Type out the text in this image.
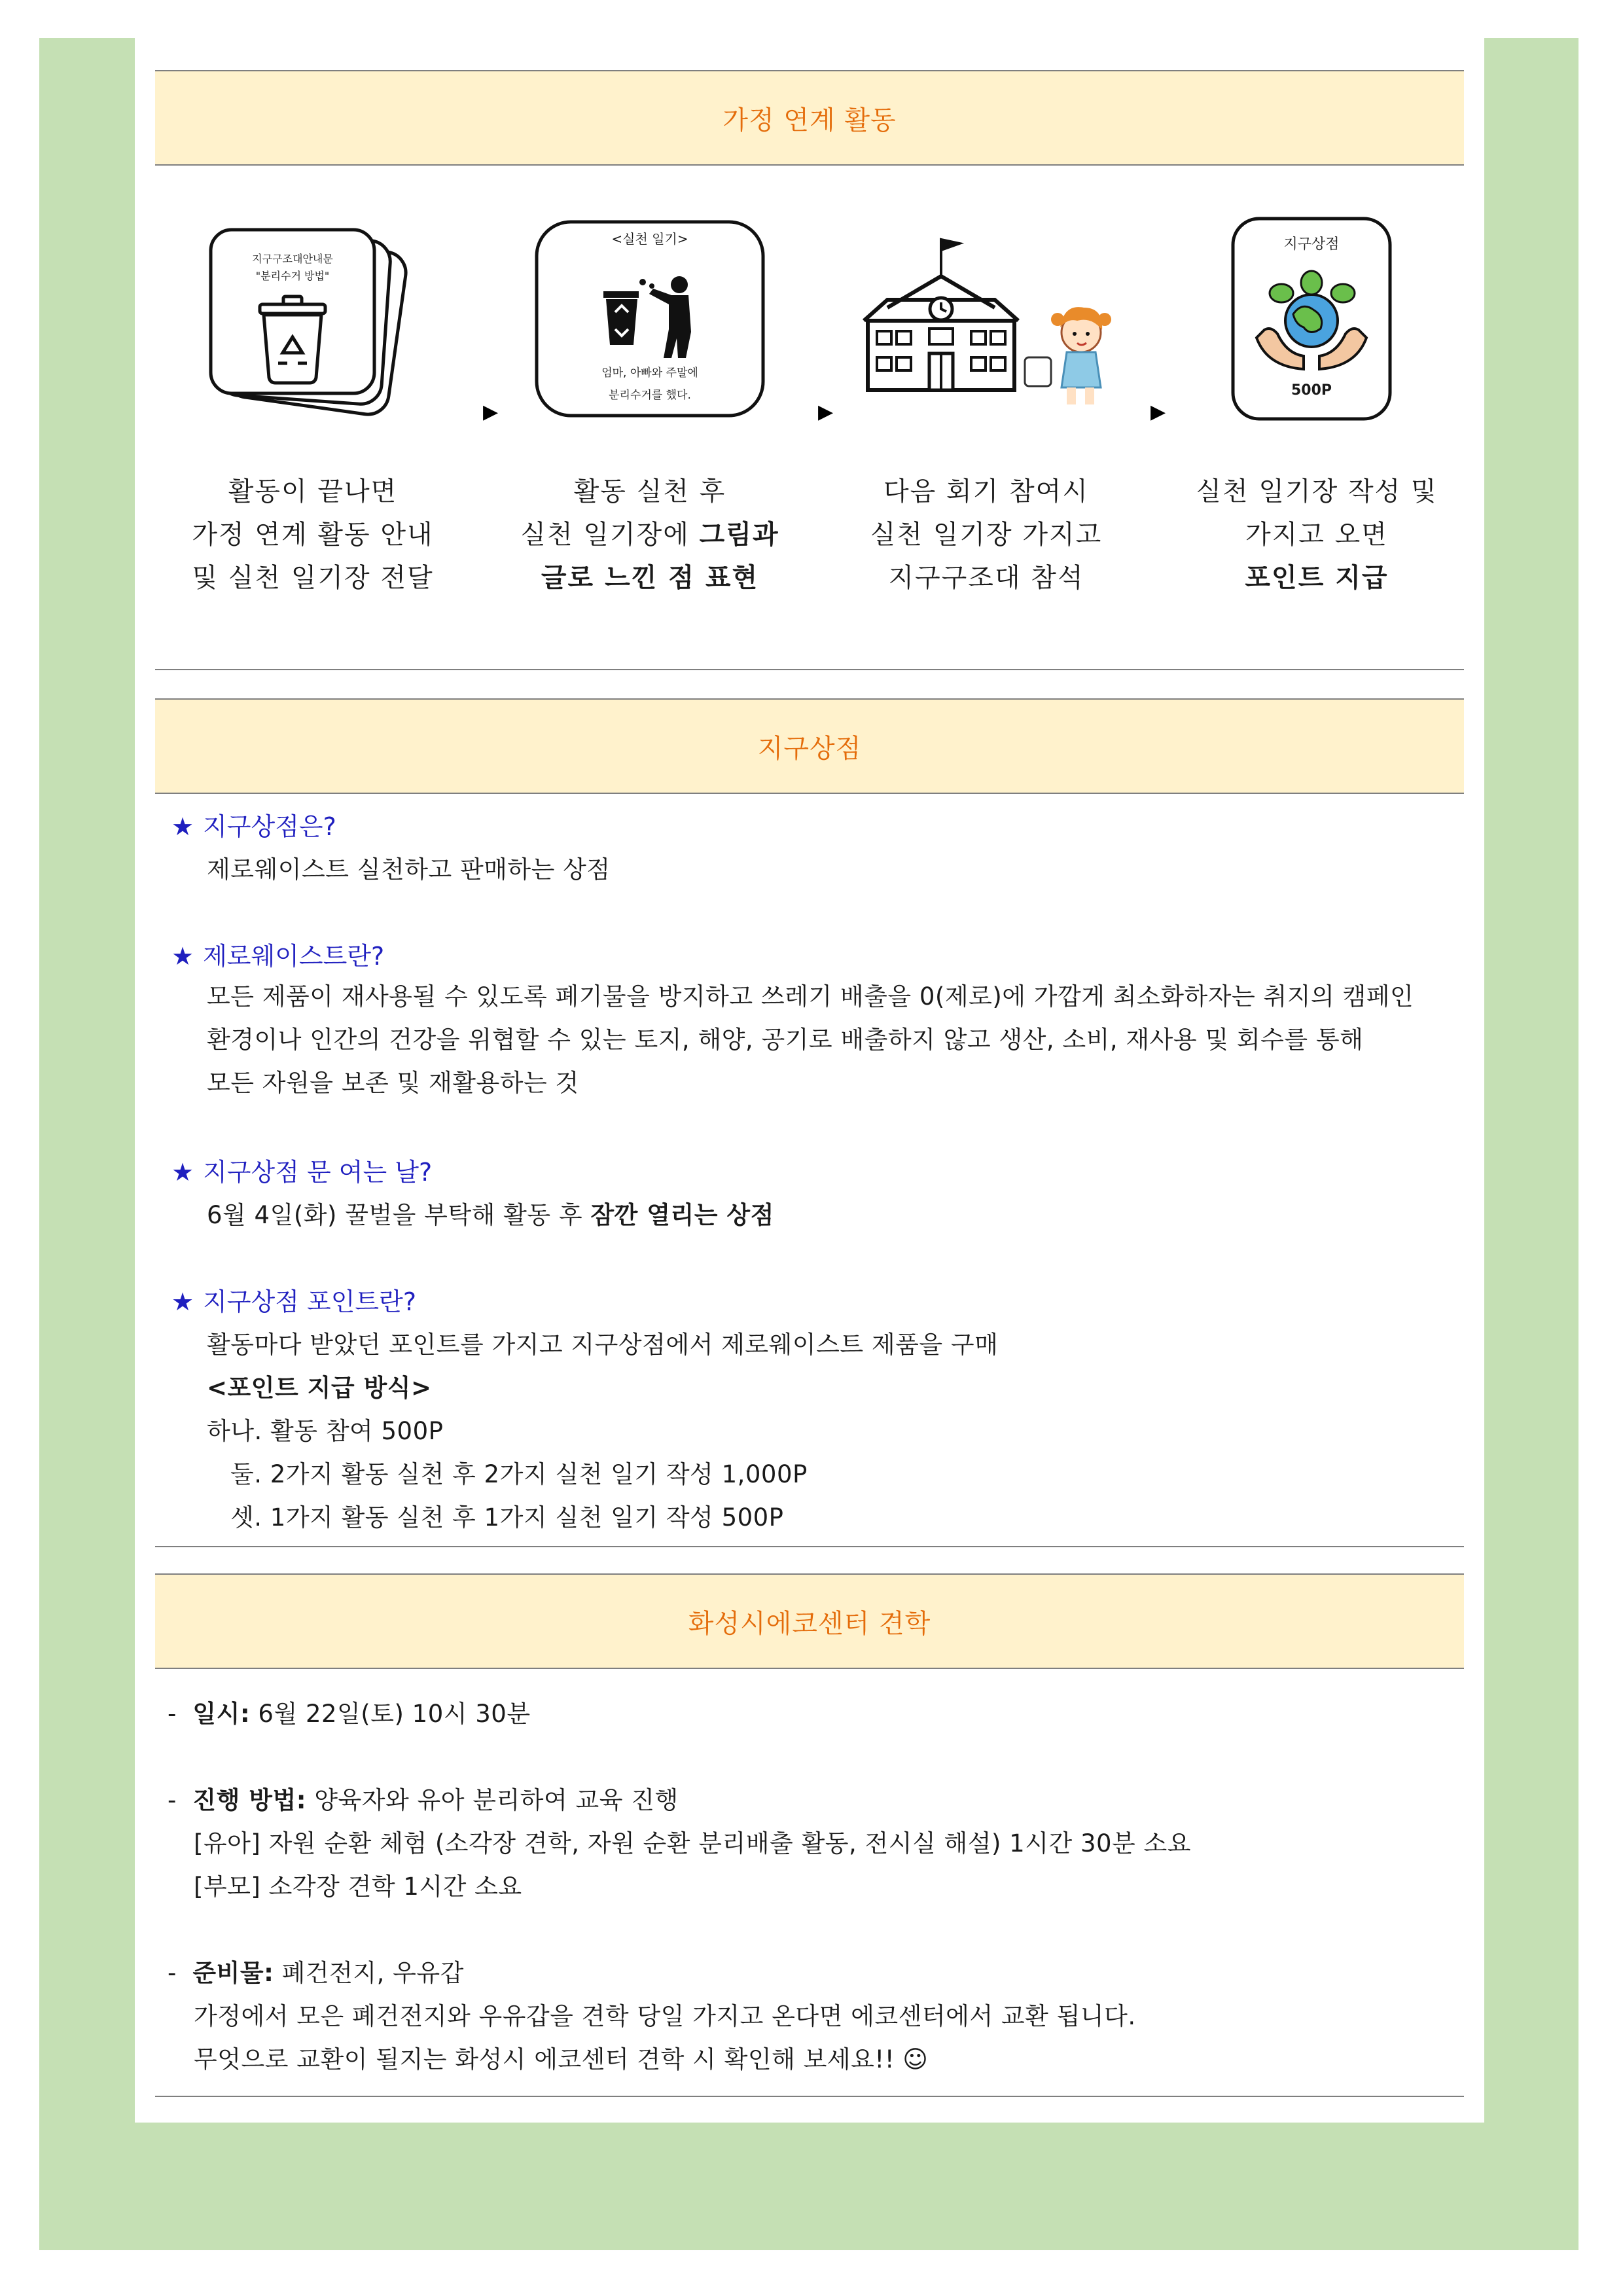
가정 연계 활동
지구구조대안내문
"분리수거 방법"
▶
<실천 일기>
엄마, 아빠와 주말에
분리수거를 했다.
▶	▶
지구상점
500P
활동이 끝나면
가정 연계 활동 안내
및 실천 일기장 전달
활동 실천 후
실천 일기장에 그림과
글로 느낀 점 표현
다음 회기 참여시
실천 일기장 가지고
지구구조대 참석
실천 일기장 작성 및
가지고 오면
포인트 지급
지구상점
★ 지구상점은?
제로웨이스트 실천하고 판매하는 상점
★ 제로웨이스트란?
모든 제품이 재사용될 수 있도록 폐기물을 방지하고 쓰레기 배출을 0(제로)에 가깝게 최소화하자는 취지의 캠페인
환경이나 인간의 건강을 위협할 수 있는 토지, 해양, 공기로 배출하지 않고 생산, 소비, 재사용 및 회수를 통해
모든 자원을 보존 및 재활용하는 것
★ 지구상점 문 여는 날?
6월 4일(화) 꿀벌을 부탁해 활동 후 잠깐 열리는 상점
★ 지구상점 포인트란?
활동마다 받았던 포인트를 가지고 지구상점에서 제로웨이스트 제품을 구매
<포인트 지급 방식>
하나. 활동 참여 500P
둘. 2가지 활동 실천 후 2가지 실천 일기 작성 1,000P
셋. 1가지 활동 실천 후 1가지 실천 일기 작성 500P
화성시에코센터 견학
- 일시: 6월 22일(토) 10시 30분
- 진행 방법: 양육자와 유아 분리하여 교육 진행
[유아] 자원 순환 체험 (소각장 견학, 자원 순환 분리배출 활동, 전시실 해설) 1시간 30분 소요
[부모] 소각장 견학 1시간 소요
- 준비물: 폐건전지, 우유갑
가정에서 모은 폐건전지와 우유갑을 견학 당일 가지고 온다면 에코센터에서 교환 됩니다.
무엇으로 교환이 될지는 화성시 에코센터 견학 시 확인해 보세요!! ☺
